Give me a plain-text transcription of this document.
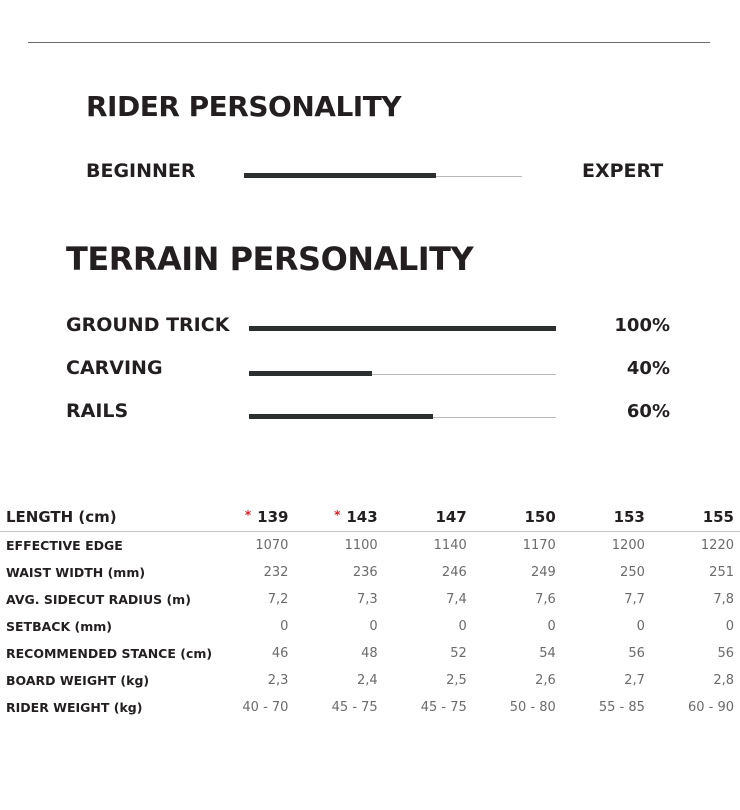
RIDER PERSONALITY
BEGINNER	EXPERT
TERRAIN PERSONALITY
GROUND TRICK	100%
CARVING	40%
RAILS	60%
LENGTH (cm)	* 139	* 143	147	150	153	155
EFFECTIVE EDGE	1070	1100	1140	1170	1200	1220
WAIST WIDTH (mm)	232	236	246	249	250	251
AVG. SIDECUT RADIUS (m)	7,2	7,3	7,4	7,6	7,7	7,8
SETBACK (mm)	0	0	0	0	0	0
RECOMMENDED STANCE (cm)	46	48	52	54	56	56
BOARD WEIGHT (kg)	2,3	2,4	2,5	2,6	2,7	2,8
RIDER WEIGHT (kg)	40 - 70	45 - 75	45 - 75	50 - 80	55 - 85	60 - 90
